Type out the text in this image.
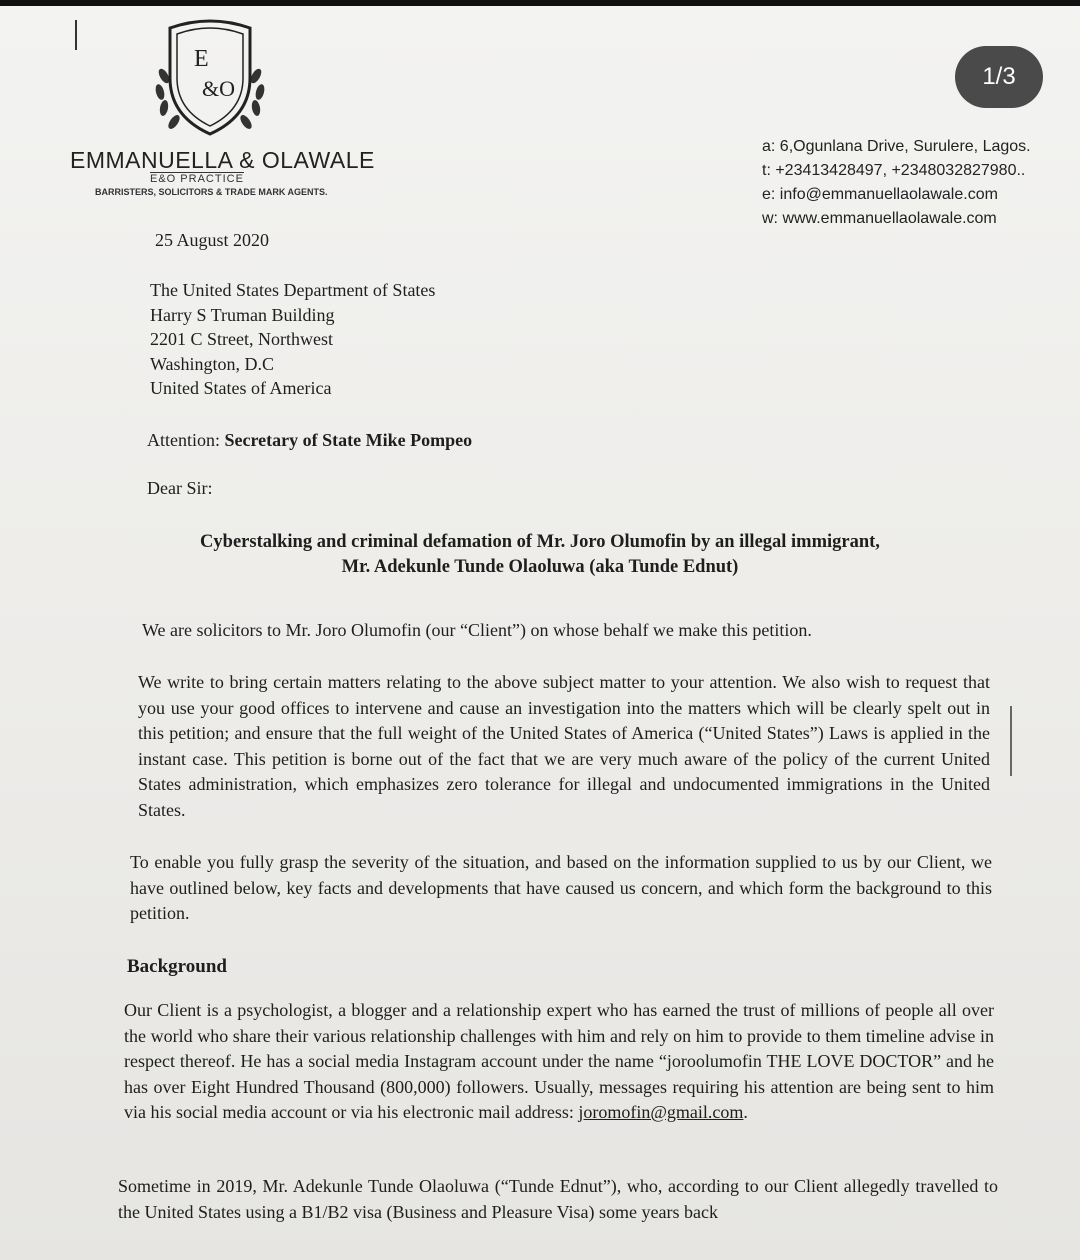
1/3
E
&O
EMMANUELLA & OLAWALE
E&O PRACTICE
BARRISTERS, SOLICITORS & TRADE MARK AGENTS.
a: 6,Ogunlana Drive, Surulere, Lagos.
t: +23413428497, +2348032827980..
e: info@emmanuellaolawale.com
w: www.emmanuellaolawale.com
25 August 2020
The United States Department of States
Harry S Truman Building
2201 C Street, Northwest
Washington, D.C
United States of America
Attention: Secretary of State Mike Pompeo
Dear Sir:
Cyberstalking and criminal defamation of Mr. Joro Olumofin by an illegal immigrant,
Mr. Adekunle Tunde Olaoluwa (aka Tunde Ednut)
We are solicitors to Mr. Joro Olumofin (our “Client”) on whose behalf we make this petition.
We write to bring certain matters relating to the above subject matter to your attention. We also wish to request that you use your good offices to intervene and cause an investigation into the matters which will be clearly spelt out in this petition; and ensure that the full weight of the United States of America (“United States”) Laws is applied in the instant case. This petition is borne out of the fact that we are very much aware of the policy of the current United States administration, which emphasizes zero tolerance for illegal and undocumented immigrations in the United States.
To enable you fully grasp the severity of the situation, and based on the information supplied to us by our Client, we have outlined below, key facts and developments that have caused us concern, and which form the background to this petition.
Background
Our Client is a psychologist, a blogger and a relationship expert who has earned the trust of millions of people all over the world who share their various relationship challenges with him and rely on him to provide to them timeline advise in respect thereof. He has a social media Instagram account under the name “joroolumofin THE LOVE DOCTOR” and he has over Eight Hundred Thousand (800,000) followers. Usually, messages requiring his attention are being sent to him via his social media account or via his electronic mail address: joromofin@gmail.com.
Sometime in 2019, Mr. Adekunle Tunde Olaoluwa (“Tunde Ednut”), who, according to our Client allegedly travelled to the United States using a B1/B2 visa (Business and Pleasure Visa) some years back
